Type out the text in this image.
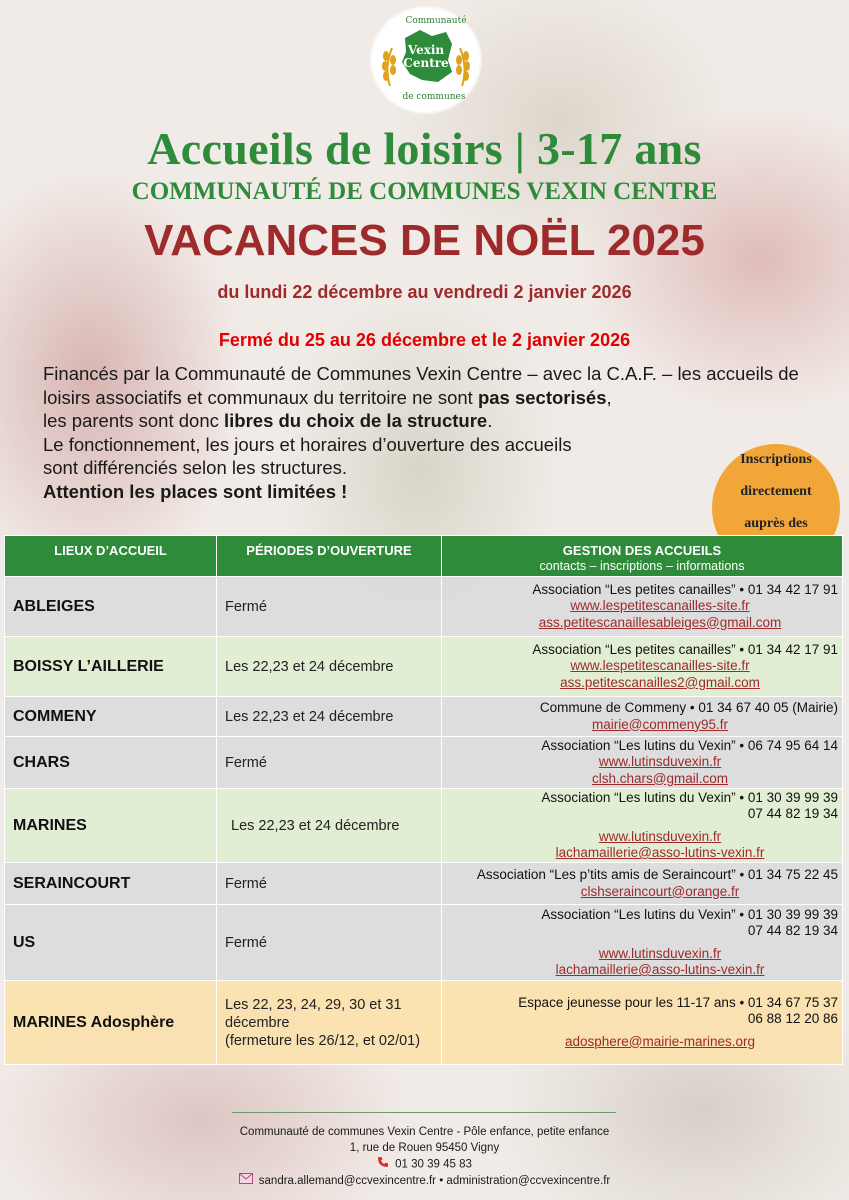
Communauté
Vexin
Centre
de communes
Accueils de loisirs | 3-17 ans
COMMUNAUTÉ DE COMMUNES VEXIN CENTRE
VACANCES DE NOËL 2025
du lundi 22 décembre au vendredi 2 janvier 2026
Fermé du 25 au 26 décembre et le 2 janvier 2026
Financés par la Communauté de Communes Vexin Centre – avec la C.A.F. – les accueils de loisirs associatifs et communaux du territoire ne sont pas sectorisés,
les parents sont donc libres du choix de la structure.
Le fonctionnement, les jours et horaires d’ouverture des accueils
sont différenciés selon les structures.
Attention les places sont limitées !
Inscriptions

directement

auprès des

LIEUX D’ACCUEIL	PÉRIODES D’OUVERTURE	GESTION DES ACCUEILS
contacts – inscriptions – informations

ABLEIGES	Fermé	Association “Les petites canailles” • 01 34 42 17 91
www.lespetitescanailles-site.fr
ass.petitescanaillesableiges@gmail.com

BOISSY L’AILLERIE	Les 22,23 et 24 décembre	Association “Les petites canailles” • 01 34 42 17 91
www.lespetitescanailles-site.fr
ass.petitescanailles2@gmail.com

COMMENY	Les 22,23 et 24 décembre	Commune de Commeny • 01 34 67 40 05 (Mairie)
mairie@commeny95.fr

CHARS	Fermé	Association “Les lutins du Vexin” • 06 74 95 64 14
www.lutinsduvexin.fr
clsh.chars@gmail.com

MARINES	Les 22,23 et 24 décembre	Association “Les lutins du Vexin” • 01 30 39 99 39
07 44 82 19 34
www.lutinsduvexin.fr
lachamaillerie@asso-lutins-vexin.fr

SERAINCOURT	Fermé	Association “Les p’tits amis de Seraincourt” • 01 34 75 22 45
clshseraincourt@orange.fr

US	Fermé	Association “Les lutins du Vexin” • 01 30 39 99 39
07 44 82 19 34
www.lutinsduvexin.fr
lachamaillerie@asso-lutins-vexin.fr

MARINES Adosphère	Les 22, 23, 24, 29, 30 et 31
décembre
(fermeture les 26/12, et 02/01)	Espace jeunesse pour les 11-17 ans • 01 34 67 75 37
06 88 12 20 86
adosphere@mairie-marines.org
Communauté de communes Vexin Centre - Pôle enfance, petite enfance
1, rue de Rouen 95450 Vigny
01 30 39 45 83
sandra.allemand@ccvexincentre.fr • administration@ccvexincentre.fr
